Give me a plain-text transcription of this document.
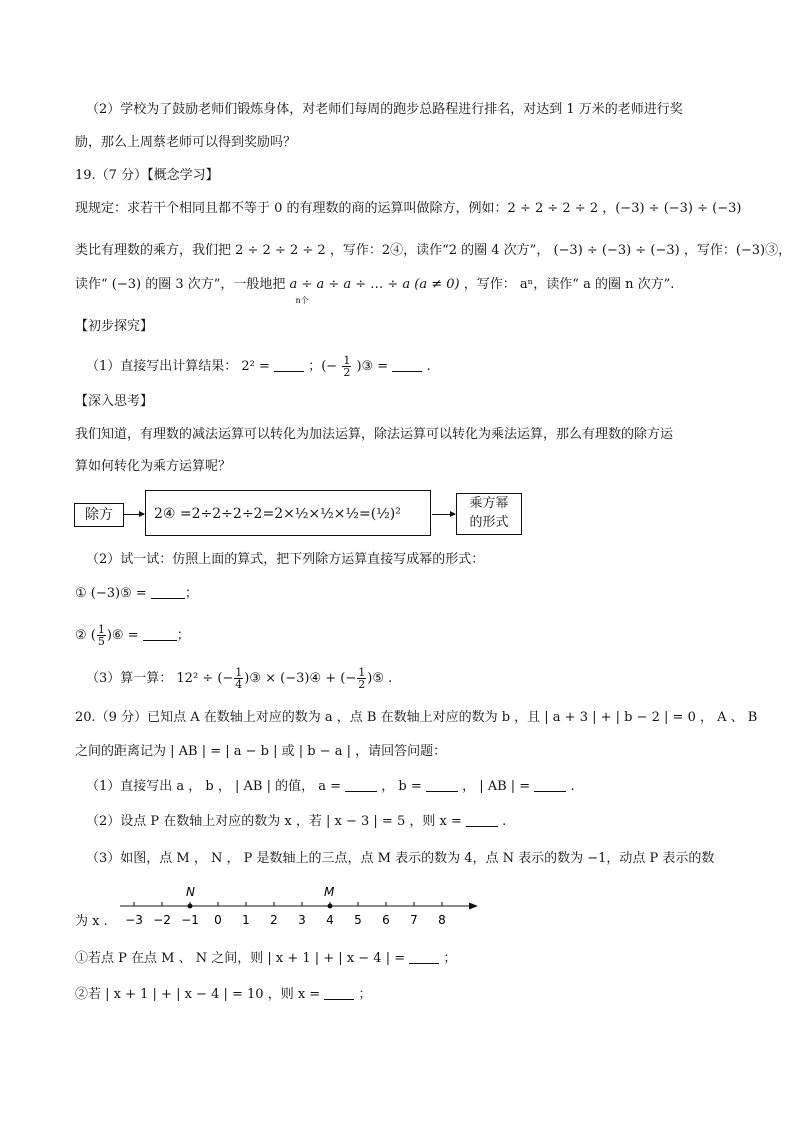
（2）学校为了鼓励老师们锻炼身体，对老师们每周的跑步总路程进行排名，对达到 1 万米的老师进行奖
励，那么上周蔡老师可以得到奖励吗？
19.（7 分）【概念学习】
现规定：求若干个相同且都不等于 0 的有理数的商的运算叫做除方，例如：2 ÷ 2 ÷ 2 ÷ 2 ，(−3) ÷ (−3) ÷ (−3)
类比有理数的乘方，我们把 2 ÷ 2 ÷ 2 ÷ 2 ，写作：2④，读作“2 的圈 4 次方”， (−3) ÷ (−3) ÷ (−3) ，写作：(−3)③，
读作“ (−3) 的圈 3 次方”，一般地把 a ÷ a ÷ a ÷ … ÷ a (a ≠ 0)
n个
，写作： aⁿ，读作“ a 的圈 n 次方”.
【初步探究】
（1）直接写出计算结果： 2² =	；(− $\frac{1}{2}$ )③ =	.
【深入思考】
我们知道，有理数的减法运算可以转化为加法运算，除法运算可以转化为乘法运算，那么有理数的除方运
算如何转化为乘方运算呢？
除方	2④ =2÷2÷2÷2=2×½×½×½=(½)²
乘方幂
的形式
（2）试一试：仿照上面的算式，把下列除方运算直接写成幂的形式：
① (−3)⑤ =	；
② ( $\frac{1}{5}$ )⑥ =	；
（3）算一算： 12² ÷ (− $\frac{1}{4}$ )③ × (−3)④ + (− $\frac{1}{2}$ )⑤ .
20.（9 分）已知点 A 在数轴上对应的数为 a ，点 B 在数轴上对应的数为 b ，且 | a + 3 | + | b − 2 | = 0 ， A 、 B
之间的距离记为 | AB | = | a − b | 或 | b − a | ，请回答问题：
（1）直接写出 a ， b ， | AB | 的值， a =	， b =	， | AB | =	.
（2）设点 P 在数轴上对应的数为 x ，若 | x − 3 | = 5 ，则 x =	.
（3）如图，点 M ， N ， P 是数轴上的三点，点 M 表示的数为 4，点 N 表示的数为 −1，动点 P 表示的数
为 x . −3 −2 −1 0 1 2 3 4 5 6 7 8
N	M
①若点 P 在点 M 、 N 之间，则 | x + 1 | + | x − 4 | =	；
②若 | x + 1 | + | x − 4 | = 10 ，则 x =	；
